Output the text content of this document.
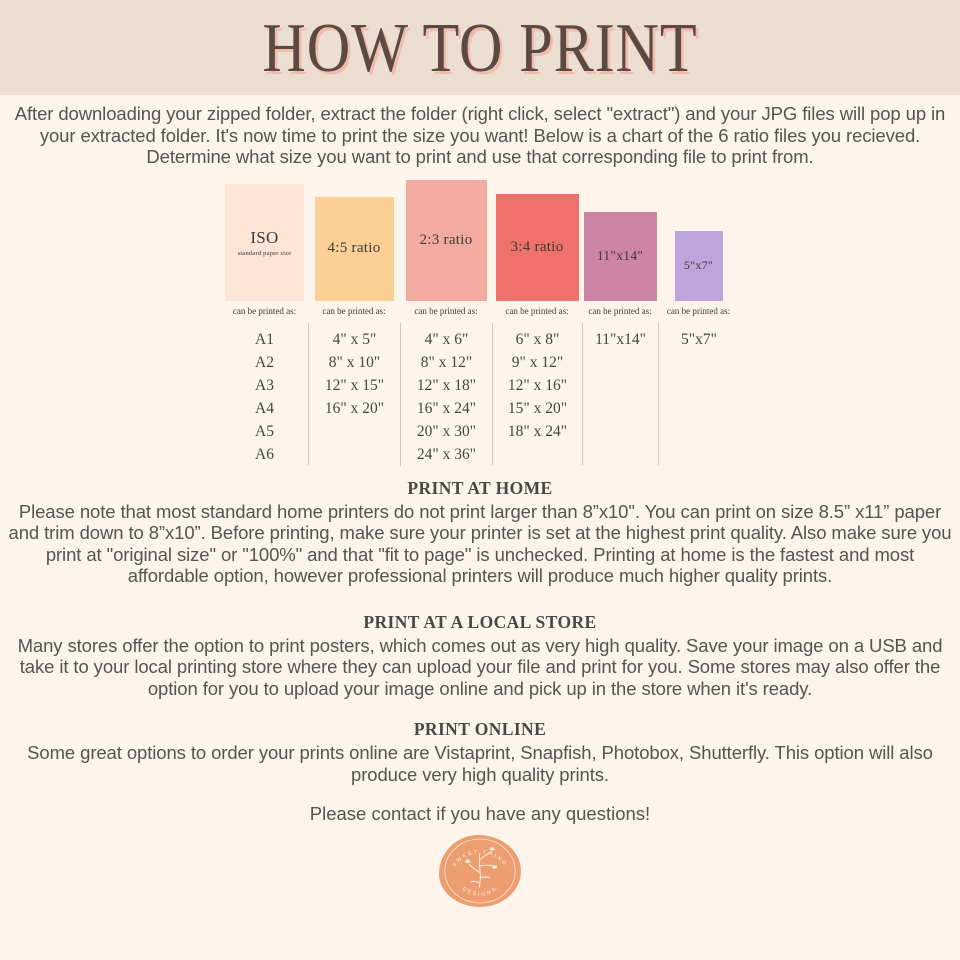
HOW TO PRINT
After downloading your zipped folder, extract the folder (right click, select "extract") and your JPG files will pop up in your extracted folder. It's now time to print the size you want! Below is a chart of the 6 ratio files you recieved. Determine what size you want to print and use that corresponding file to print from.
ISO
standard paper size
can be printed as:
A1
A2
A3
A4
A5
A6
4:5 ratio
can be printed as:
4" x 5"
8" x 10"
12" x 15"
16" x 20"
2:3 ratio
can be printed as:
4" x 6"
8" x 12"
12" x 18"
16" x 24"
20" x 30"
24" x 36"
3:4 ratio
can be printed as:
6" x 8"
9" x 12"
12" x 16"
15" x 20"
18" x 24"
11"x14"
can be printed as:
11"x14"
5"x7"
can be printed as:
5"x7"
PRINT AT HOME
Please note that most standard home printers do not print larger than 8”x10". You can print on size 8.5” x11” paper and trim down to 8”x10”. Before printing, make sure your printer is set at the highest print quality. Also make sure you print at "original size" or "100%" and that "fit to page" is unchecked. Printing at home is the fastest and most affordable option, however professional printers will produce much higher quality prints.
PRINT AT A LOCAL STORE
Many stores offer the option to print posters, which comes out as very high quality. Save your image on a USB and take it to your local printing store where they can upload your file and print for you. Some stores may also offer the option for you to upload your image online and pick up in the store when it's ready.
PRINT ONLINE
Some great options to order your prints online are Vistaprint, Snapfish, Photobox, Shutterfly. This option will also produce very high quality prints.
Please contact if you have any questions!
SWEET THING
DESIGNS
